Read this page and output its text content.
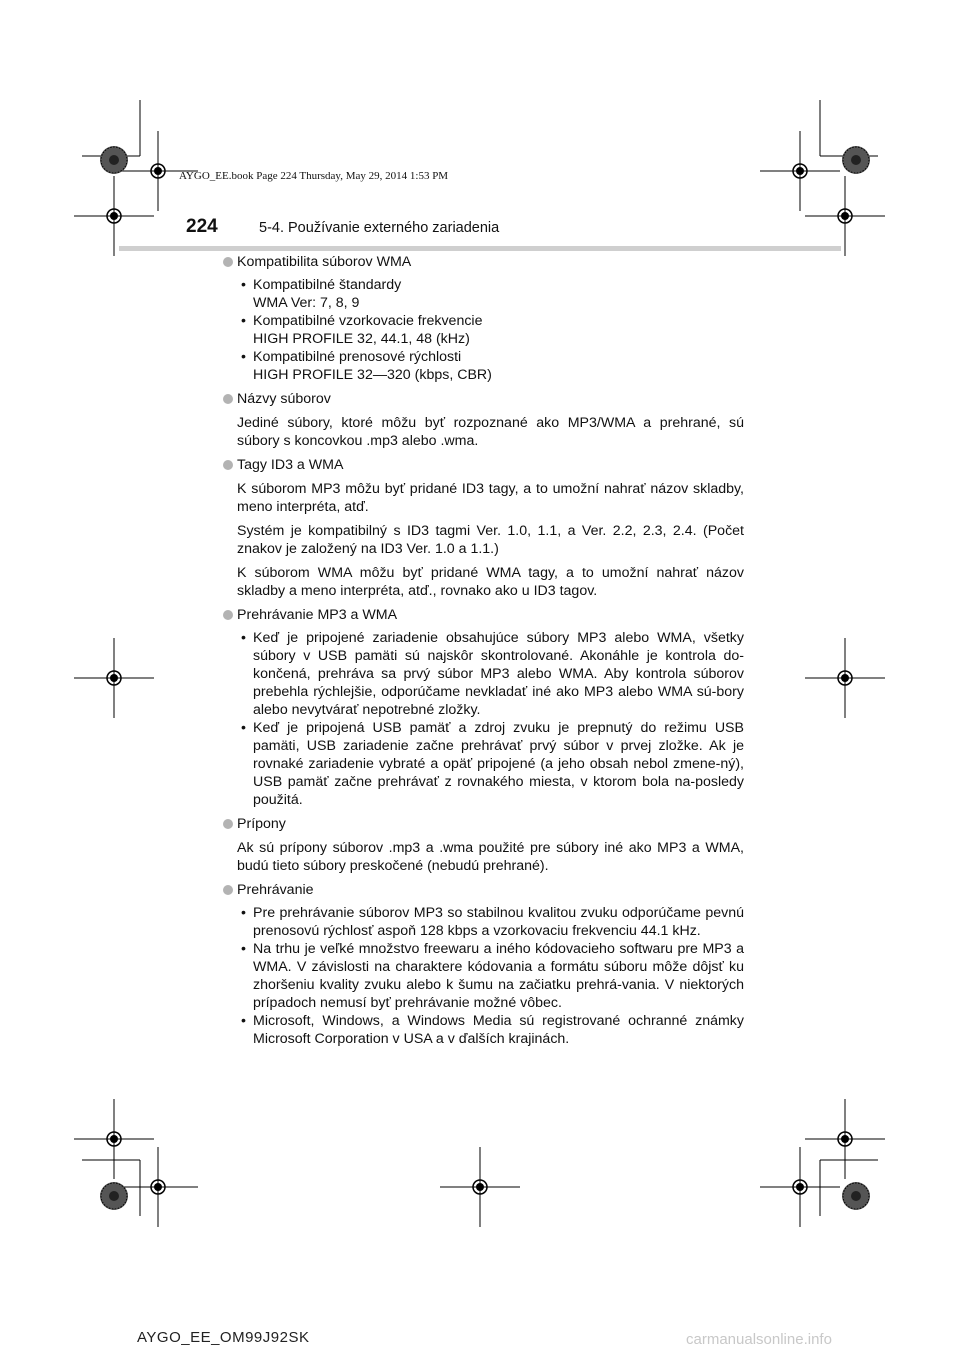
AYGO_EE.book Page 224 Thursday, May 29, 2014 1:53 PM
224	5-4. Používanie externého zariadenia
Kompatibilita súborov WMA
• Kompatibilné štandardy
WMA Ver: 7, 8, 9
• Kompatibilné vzorkovacie frekvencie
HIGH PROFILE 32, 44.1, 48 (kHz)
• Kompatibilné prenosové rýchlosti
HIGH PROFILE 32—320 (kbps, CBR)
Názvy súborov

Jediné súbory, ktoré môžu byť rozpoznané ako MP3/WMA a prehrané, sú súbory s koncovkou .mp3 alebo .wma.

Tagy ID3 a WMA

K súborom MP3 môžu byť pridané ID3 tagy, a to umožní nahrať názov skladby, meno interpréta, atď.

Systém je kompatibilný s ID3 tagmi Ver. 1.0, 1.1, a Ver. 2.2, 2.3, 2.4. (Počet znakov je založený na ID3 Ver. 1.0 a 1.1.)

K súborom WMA môžu byť pridané WMA tagy, a to umožní nahrať názov skladby a meno interpréta, atď., rovnako ako u ID3 tagov.

Prehrávanie MP3 a WMA
• Keď je pripojené zariadenie obsahujúce súbory MP3 alebo WMA, všetky súbory v USB pamäti sú najskôr skontrolované. Akonáhle je kontrola do-končená, prehráva sa prvý súbor MP3 alebo WMA. Aby kontrola súborov prebehla rýchlejšie, odporúčame nevkladať iné ako MP3 alebo WMA sú-bory alebo nevytvárať nepotrebné zložky.
• Keď je pripojená USB pamäť a zdroj zvuku je prepnutý do režimu USB pamäti, USB zariadenie začne prehrávať prvý súbor v prvej zložke. Ak je rovnaké zariadenie vybraté a opäť pripojené (a jeho obsah nebol zmene-ný), USB pamäť začne prehrávať z rovnakého miesta, v ktorom bola na-posledy použitá.
Prípony

Ak sú prípony súborov .mp3 a .wma použité pre súbory iné ako MP3 a WMA, budú tieto súbory preskočené (nebudú prehrané).

Prehrávanie
• Pre prehrávanie súborov MP3 so stabilnou kvalitou zvuku odporúčame pevnú prenosovú rýchlosť aspoň 128 kbps a vzorkovaciu frekvenciu 44.1 kHz.
• Na trhu je veľké množstvo freewaru a iného kódovacieho softwaru pre MP3 a WMA. V závislosti na charaktere kódovania a formátu súboru môže dôjsť ku zhoršeniu kvality zvuku alebo k šumu na začiatku prehrá-vania. V niektorých prípadoch nemusí byť prehrávanie možné vôbec.
• Microsoft, Windows, a Windows Media sú registrované ochranné známky Microsoft Corporation v USA a v ďalších krajinách.
AYGO_EE_OM99J92SK	carmanualsonline.info
